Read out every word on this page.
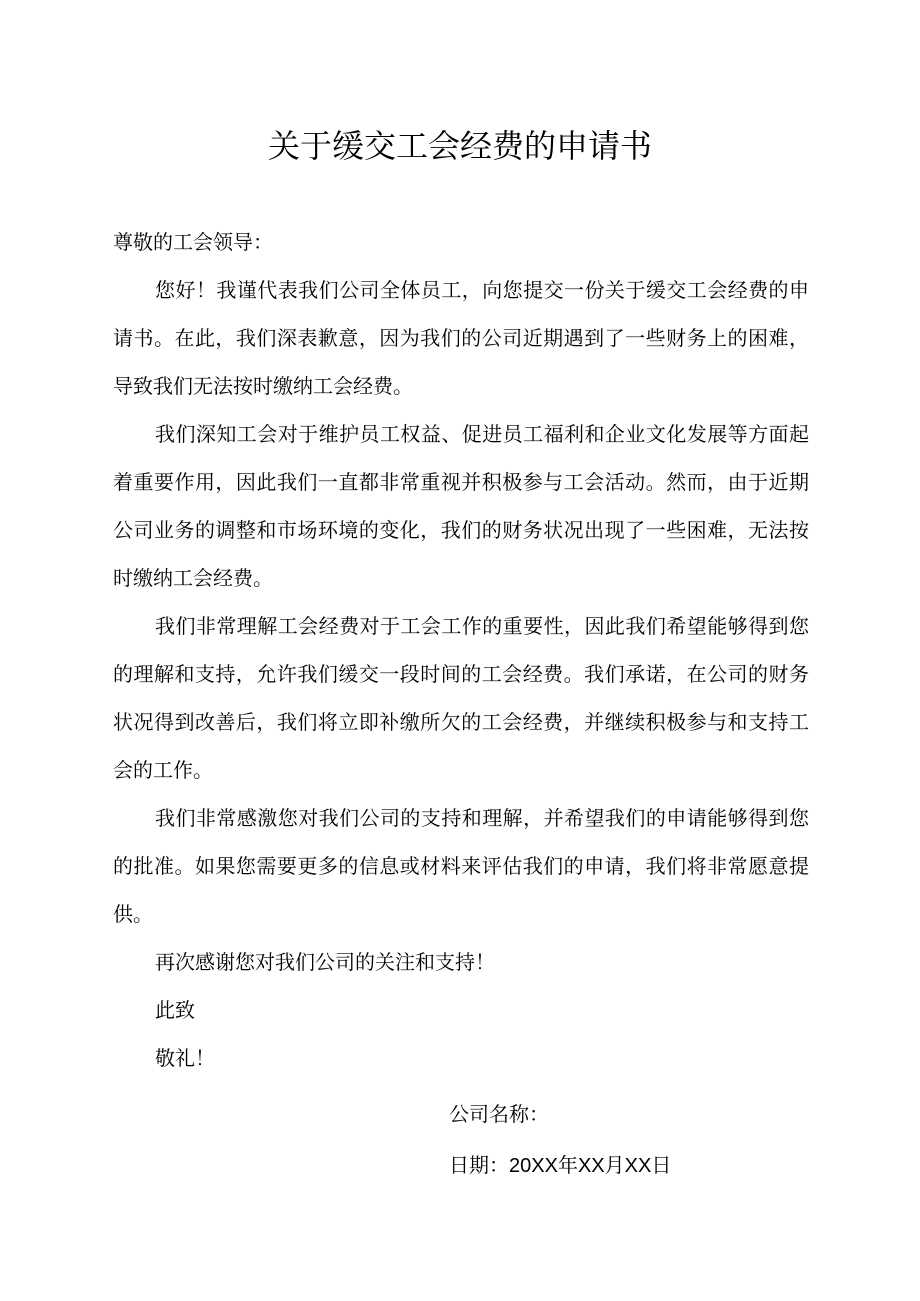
关于缓交工会经费的申请书

尊敬的工会领导：

您好！我谨代表我们公司全体员工，向您提交一份关于缓交工会经费的申请书。在此，我们深表歉意，因为我们的公司近期遇到了一些财务上的困难，导致我们无法按时缴纳工会经费。

我们深知工会对于维护员工权益、促进员工福利和企业文化发展等方面起着重要作用，因此我们一直都非常重视并积极参与工会活动。然而，由于近期公司业务的调整和市场环境的变化，我们的财务状况出现了一些困难，无法按时缴纳工会经费。

我们非常理解工会经费对于工会工作的重要性，因此我们希望能够得到您的理解和支持，允许我们缓交一段时间的工会经费。我们承诺，在公司的财务状况得到改善后，我们将立即补缴所欠的工会经费，并继续积极参与和支持工会的工作。

我们非常感激您对我们公司的支持和理解，并希望我们的申请能够得到您的批准。如果您需要更多的信息或材料来评估我们的申请，我们将非常愿意提供。

再次感谢您对我们公司的关注和支持！

此致

敬礼！

公司名称：

日期：20XX年XX月XX日
